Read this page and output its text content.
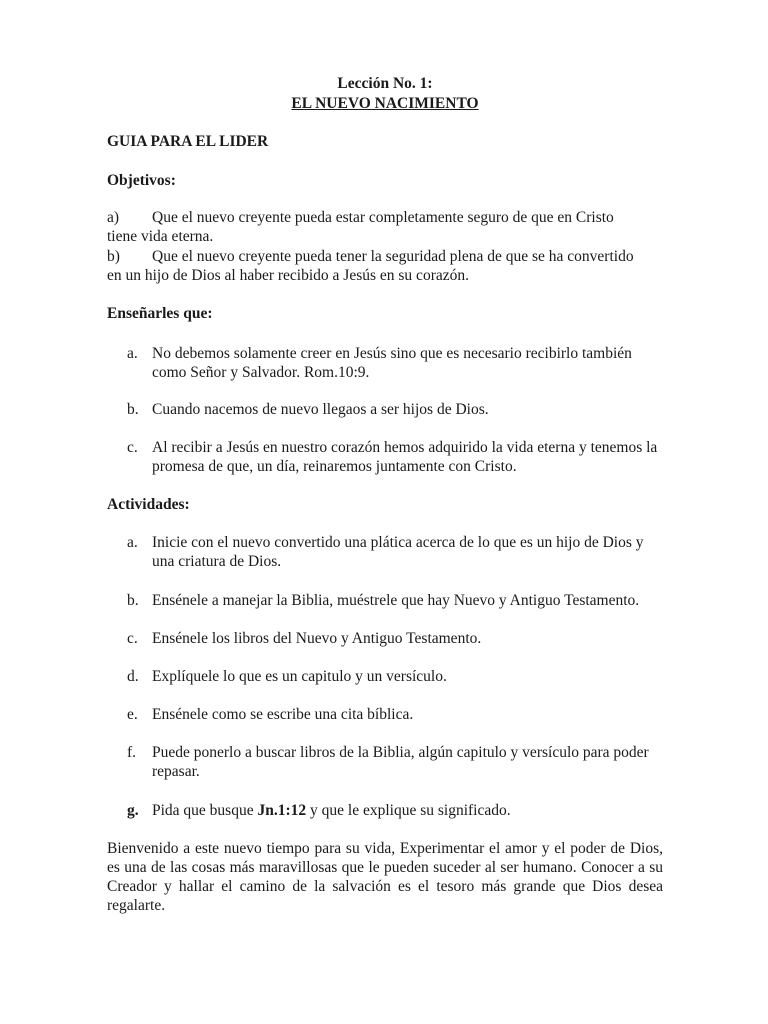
Lección No. 1:
EL NUEVO NACIMIENTO
GUIA PARA EL LIDER
Objetivos:
a)	Que el nuevo creyente pueda estar completamente seguro de que en Cristo
tiene vida eterna.
b)	Que el nuevo creyente pueda tener la seguridad plena de que se ha convertido
en un hijo de Dios al haber recibido a Jesús en su corazón.
Enseñarles que:
a. No debemos solamente creer en Jesús sino que es necesario recibirlo también como Señor y Salvador. Rom.10:9.
b. Cuando nacemos de nuevo llegaos a ser hijos de Dios.
c. Al recibir a Jesús en nuestro corazón hemos adquirido la vida eterna y tenemos la promesa de que, un día, reinaremos juntamente con Cristo.
Actividades:
a. Inicie con el nuevo convertido una plática acerca de lo que es un hijo de Dios y una criatura de Dios.
b. Ensénele a manejar la Biblia, muéstrele que hay Nuevo y Antiguo Testamento.
c. Ensénele los libros del Nuevo y Antiguo Testamento.
d. Explíquele lo que es un capitulo y un versículo.
e. Ensénele como se escribe una cita bíblica.
f.	Puede ponerlo a buscar libros de la Biblia, algún capitulo y versículo para poder repasar.
g. Pida que busque Jn.1:12 y que le explique su significado.
Bienvenido a este nuevo tiempo para su vida, Experimentar el amor y el poder de Dios, es una de las cosas más maravillosas que le pueden suceder al ser humano. Conocer a su Creador y hallar el camino de la salvación es el tesoro más grande que Dios desea regalarte.
